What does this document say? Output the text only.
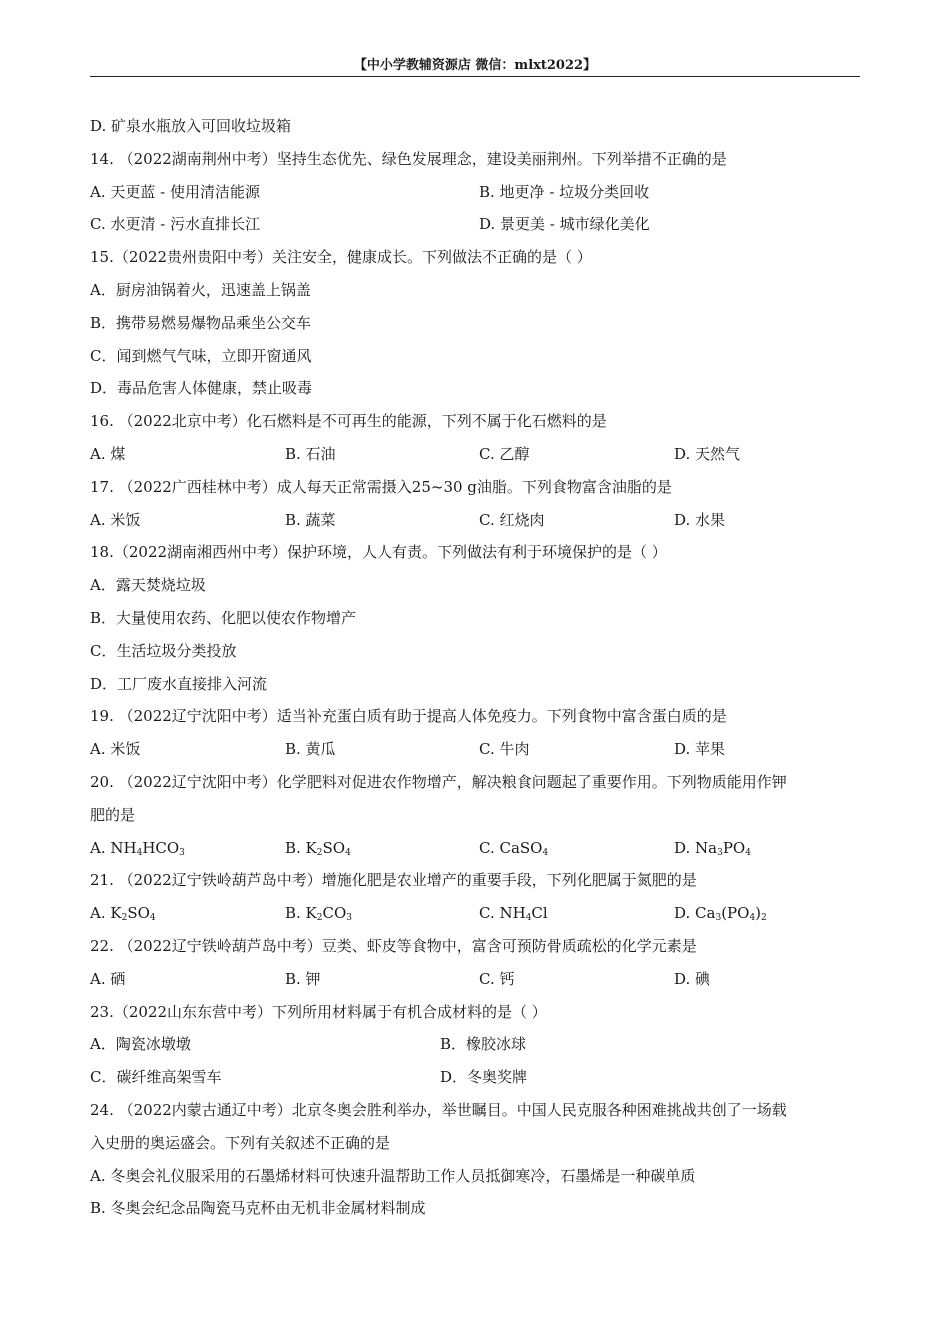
【中小学教辅资源店 微信：mlxt2022】
D. 矿泉水瓶放入可回收垃圾箱
14. （2022湖南荆州中考）坚持生态优先、绿色发展理念，建设美丽荆州。下列举措不正确的是
A. 天更蓝 - 使用清洁能源	B. 地更净 - 垃圾分类回收
C. 水更清 - 污水直排长江	D. 景更美 - 城市绿化美化
15.（2022贵州贵阳中考）关注安全，健康成长。下列做法不正确的是（ ）
A．厨房油锅着火，迅速盖上锅盖
B．携带易燃易爆物品乘坐公交车
C．闻到燃气气味，立即开窗通风
D．毒品危害人体健康，禁止吸毒
16. （2022北京中考）化石燃料是不可再生的能源，下列不属于化石燃料的是
A. 煤	B. 石油	C. 乙醇	D. 天然气
17. （2022广西桂林中考）成人每天正常需摄入25~30 g油脂。下列食物富含油脂的是
A. 米饭	B. 蔬菜	C. 红烧肉	D. 水果
18.（2022湖南湘西州中考）保护环境，人人有责。下列做法有利于环境保护的是（ ）
A．露天焚烧垃圾
B．大量使用农药、化肥以使农作物增产
C．生活垃圾分类投放
D．工厂废水直接排入河流
19. （2022辽宁沈阳中考）适当补充蛋白质有助于提高人体免疫力。下列食物中富含蛋白质的是
A. 米饭	B. 黄瓜	C. 牛肉	D. 苹果
20. （2022辽宁沈阳中考）化学肥料对促进农作物增产，解决粮食问题起了重要作用。下列物质能用作钾
肥的是
A. $NH_4HCO_3$	B. $K_2SO_4$	C. CaSO$_4$	D. $Na_3PO_4$
21. （2022辽宁铁岭葫芦岛中考）增施化肥是农业增产的重要手段，下列化肥属于氮肥的是
A. $K_2SO_4$	B. $K_2CO_3$	C. $NH_4Cl$	D. $Ca_3(PO_4)_2$
22. （2022辽宁铁岭葫芦岛中考）豆类、虾皮等食物中，富含可预防骨质疏松的化学元素是
A. 硒	B. 钾	C. 钙	D. 碘
23.（2022山东东营中考）下列所用材料属于有机合成材料的是（ ）
A．陶瓷冰墩墩	B．橡胶冰球
C．碳纤维高架雪车	D．冬奥奖牌
24. （2022内蒙古通辽中考）北京冬奥会胜利举办，举世瞩目。中国人民克服各种困难挑战共创了一场载
入史册的奥运盛会。下列有关叙述不正确的是
A. 冬奥会礼仪服采用的石墨烯材料可快速升温帮助工作人员抵御寒冷，石墨烯是一种碳单质
B. 冬奥会纪念品陶瓷马克杯由无机非金属材料制成
